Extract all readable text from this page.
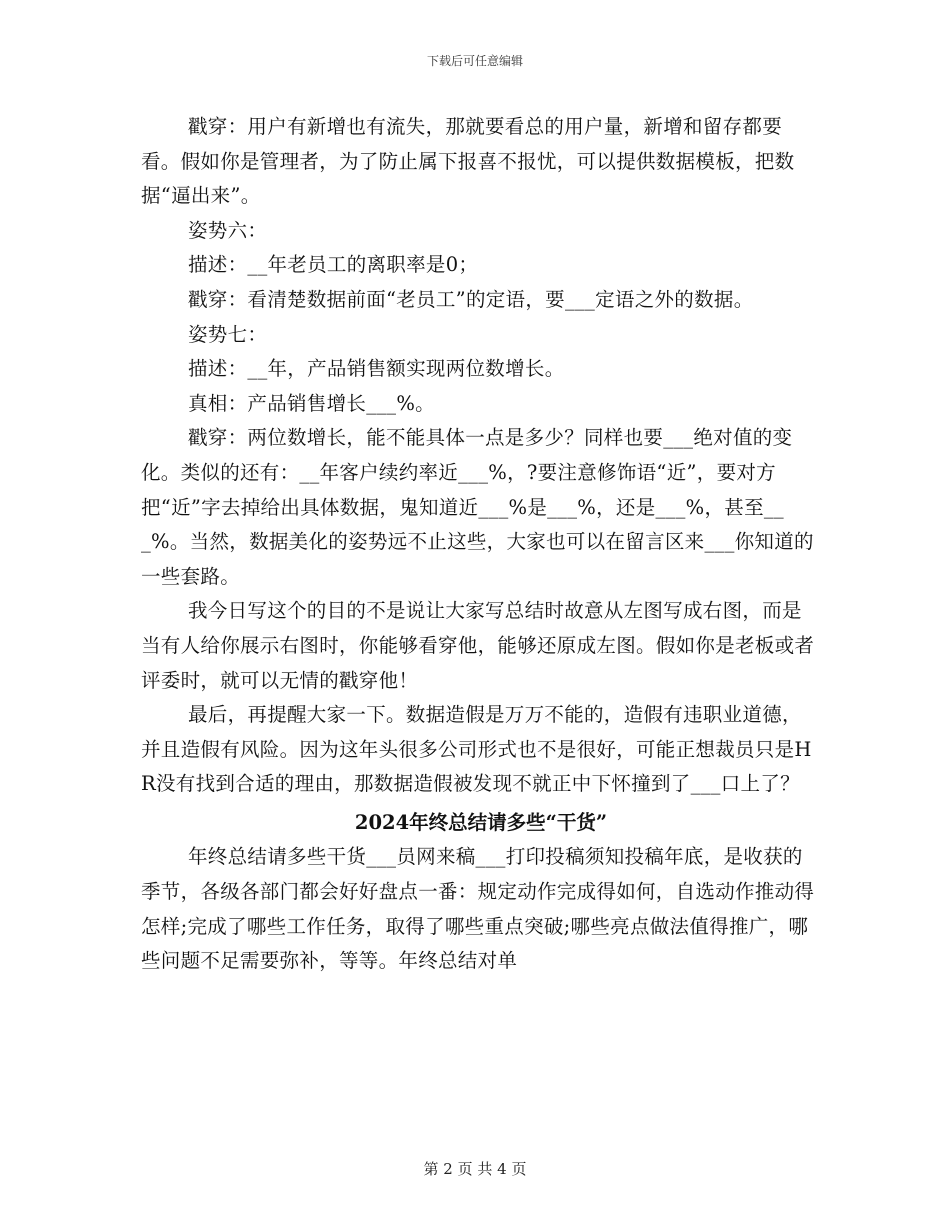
下载后可任意编辑

戳穿：用户有新增也有流失，那就要看总的用户量，新增和留存都要看。假如你是管理者，为了防止属下报喜不报忧，可以提供数据模板，把数据“逼出来”。

姿势六：

描述：__年老员工的离职率是0；

戳穿：看清楚数据前面“老员工”的定语，要___定语之外的数据。

姿势七：

描述：__年，产品销售额实现两位数增长。

真相：产品销售增长___%。

戳穿：两位数增长，能不能具体一点是多少？同样也要___绝对值的变化。类似的还有：__年客户续约率近___%，?要注意修饰语“近”，要对方把“近”字去掉给出具体数据，鬼知道近___%是___%，还是___%，甚至___%。当然，数据美化的姿势远不止这些，大家也可以在留言区来___你知道的一些套路。

我今日写这个的目的不是说让大家写总结时故意从左图写成右图，而是当有人给你展示右图时，你能够看穿他，能够还原成左图。假如你是老板或者评委时，就可以无情的戳穿他！

最后，再提醒大家一下。数据造假是万万不能的，造假有违职业道德，并且造假有风险。因为这年头很多公司形式也不是很好，可能正想裁员只是HR没有找到合适的理由，那数据造假被发现不就正中下怀撞到了___口上了？

2024年终总结请多些“干货”

年终总结请多些干货___员网来稿___打印投稿须知投稿年底，是收获的季节，各级各部门都会好好盘点一番：规定动作完成得如何，自选动作推动得怎样;完成了哪些工作任务，取得了哪些重点突破;哪些亮点做法值得推广，哪些问题不足需要弥补，等等。年终总结对单

第 2 页 共 4 页
